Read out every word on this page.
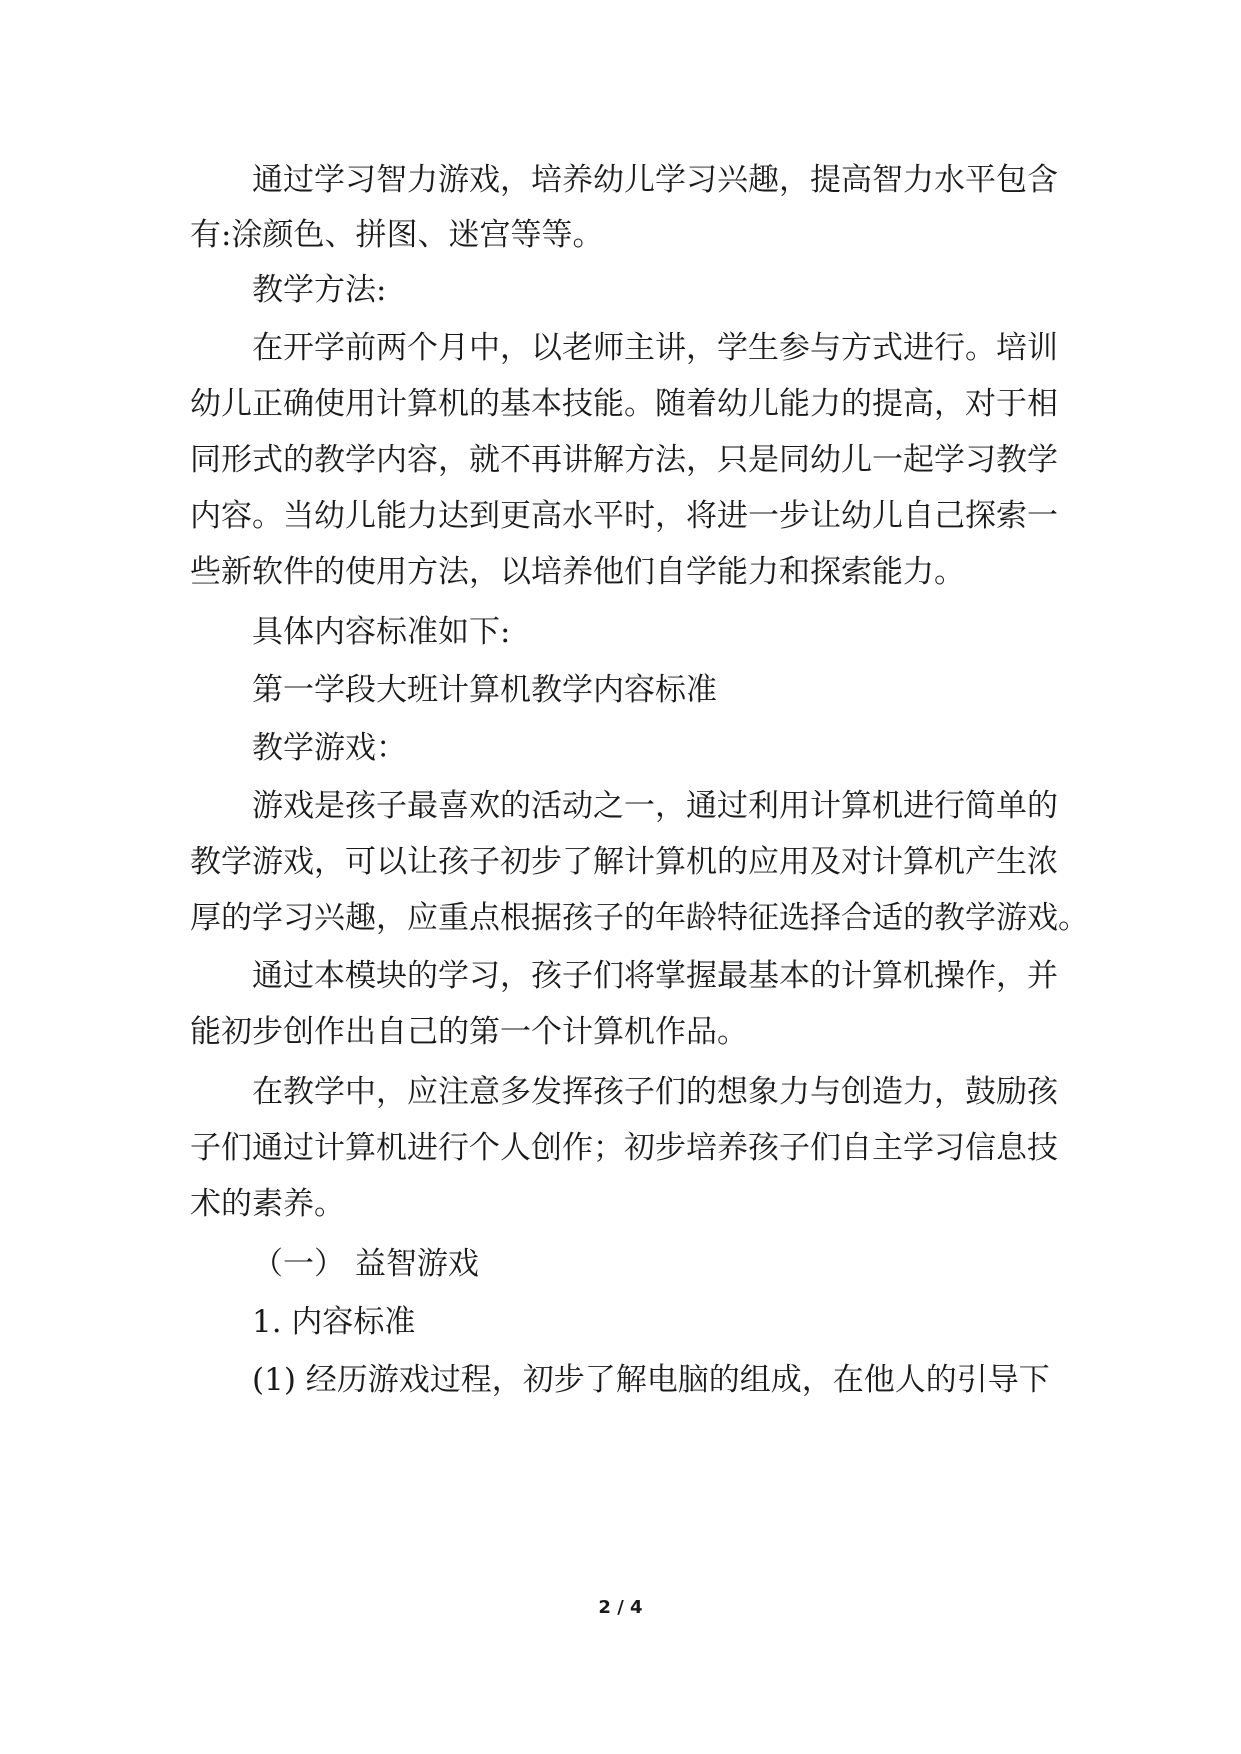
通过学习智力游戏，培养幼儿学习兴趣，提高智力水平包含
有:涂颜色、拼图、迷宫等等。
教学方法:
在开学前两个月中，以老师主讲，学生参与方式进行。培训
幼儿正确使用计算机的基本技能。随着幼儿能力的提高，对于相
同形式的教学内容，就不再讲解方法，只是同幼儿一起学习教学
内容。当幼儿能力达到更高水平时，将进一步让幼儿自己探索一
些新软件的使用方法，以培养他们自学能力和探索能力。
具体内容标准如下:
第一学段大班计算机教学内容标准
教学游戏：
游戏是孩子最喜欢的活动之一，通过利用计算机进行简单的
教学游戏，可以让孩子初步了解计算机的应用及对计算机产生浓
厚的学习兴趣，应重点根据孩子的年龄特征选择合适的教学游戏。
通过本模块的学习，孩子们将掌握最基本的计算机操作，并
能初步创作出自己的第一个计算机作品。
在教学中，应注意多发挥孩子们的想象力与创造力，鼓励孩
子们通过计算机进行个人创作；初步培养孩子们自主学习信息技
术的素养。
（一） 益智游戏
1. 内容标准
(1) 经历游戏过程，初步了解电脑的组成，在他人的引导下
2 / 4
